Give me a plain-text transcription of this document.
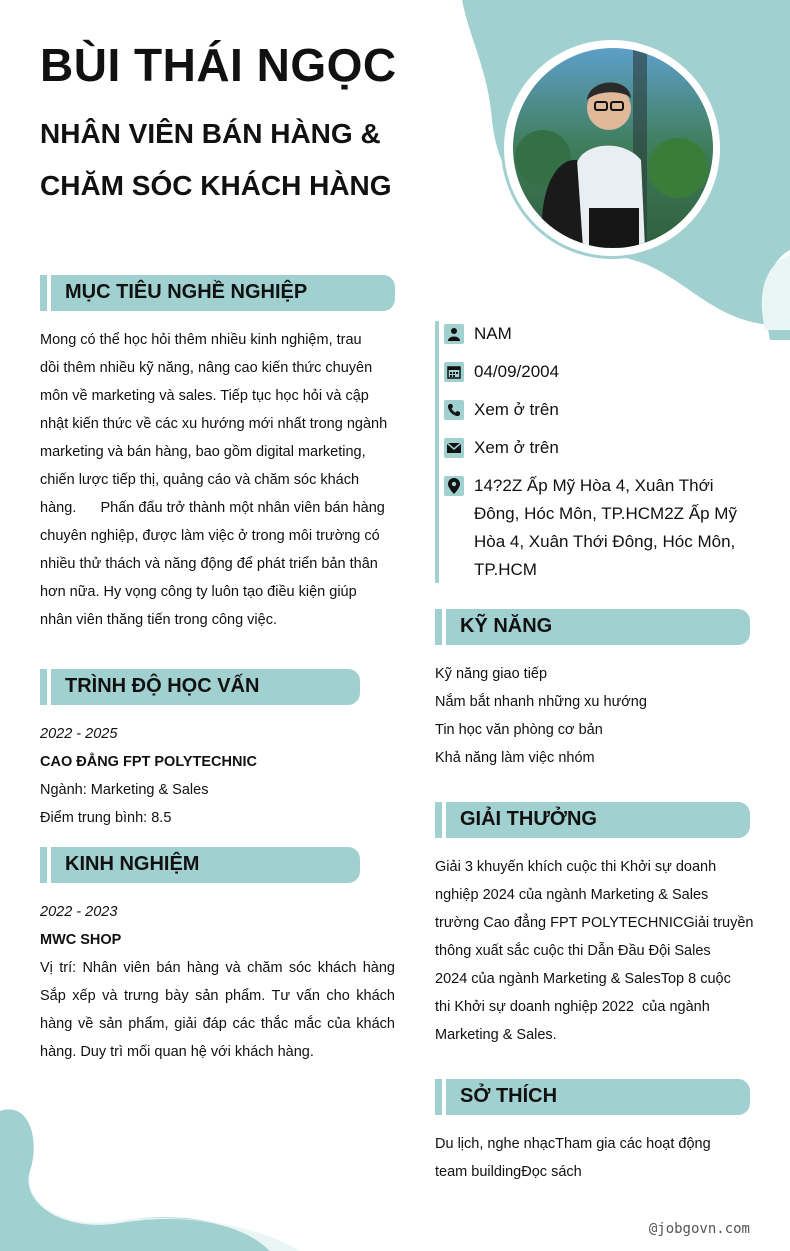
BÙI THÁI NGỌC
NHÂN VIÊN BÁN HÀNG &
CHĂM SÓC KHÁCH HÀNG
MỤC TIÊU NGHỀ NGHIỆP
Mong có thể học hỏi thêm nhiều kinh nghiệm, trau
dồi thêm nhiều kỹ năng, nâng cao kiến thức chuyên
môn về marketing và sales. Tiếp tục học hỏi và cập
nhật kiến thức về các xu hướng mới nhất trong ngành
marketing và bán hàng, bao gồm digital marketing,
chiến lược tiếp thị, quảng cáo và chăm sóc khách
hàng.      Phấn đấu trở thành một nhân viên bán hàng
chuyên nghiệp, được làm việc ở trong môi trường có
nhiều thử thách và năng động để phát triển bản thân
hơn nữa. Hy vọng công ty luôn tạo điều kiện giúp
nhân viên thăng tiến trong công việc.
TRÌNH ĐỘ HỌC VẤN
2022 - 2025
CAO ĐẲNG FPT POLYTECHNIC
Ngành: Marketing & Sales
Điểm trung bình: 8.5
KINH NGHIỆM
2022 - 2023
MWC SHOP
Vị trí: Nhân viên bán hàng và chăm sóc khách hàng Sắp xếp và trưng bày sản phẩm. Tư vấn cho khách hàng về sản phẩm, giải đáp các thắc mắc của khách hàng. Duy trì mối quan hệ với khách hàng.
NAM
04/09/2004
Xem ở trên
Xem ở trên
14?2Z Ấp Mỹ Hòa 4, Xuân Thới Đông, Hóc Môn, TP.HCM2Z Ấp Mỹ Hòa 4, Xuân Thới Đông, Hóc Môn, TP.HCM
KỸ NĂNG
Kỹ năng giao tiếp
Nắm bắt nhanh những xu hướng
Tin học văn phòng cơ bản
Khả năng làm việc nhóm
GIẢI THƯỞNG
Giải 3 khuyến khích cuộc thi Khởi sự doanh
nghiệp 2024 của ngành Marketing & Sales
trường Cao đẳng FPT POLYTECHNICGiải truyền
thông xuất sắc cuộc thi Dẫn Đầu Đội Sales
2024 của ngành Marketing & SalesTop 8 cuộc
thi Khởi sự doanh nghiệp 2022  của ngành
Marketing & Sales.
SỞ THÍCH
Du lịch, nghe nhạcTham gia các hoạt động
team buildingĐọc sách
@jobgovn.com
